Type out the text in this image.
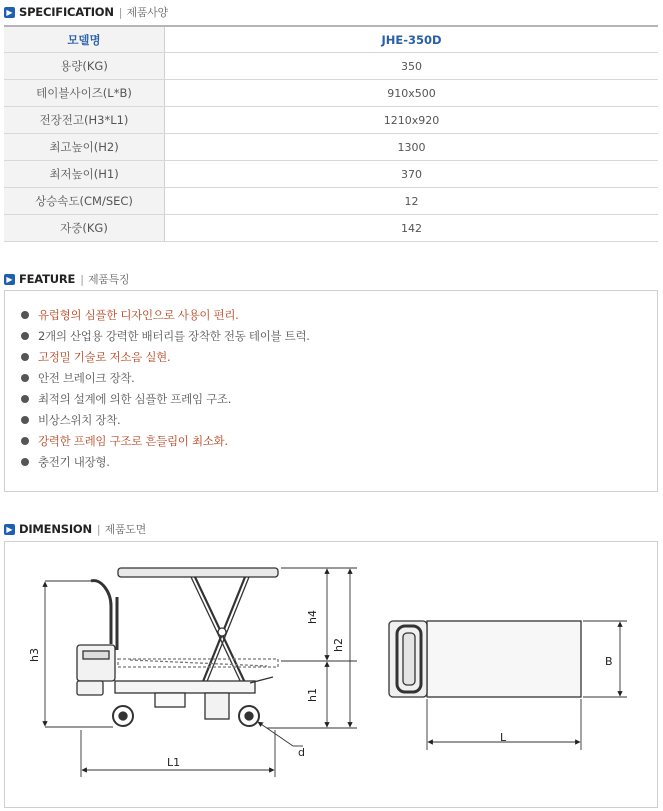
▶ SPECIFICATION | 제품사양
모델명	JHE-350D
용량(KG)	350
테이블사이즈(L*B)	910x500
전장전고(H3*L1)	1210x920
최고높이(H2)	1300
최저높이(H1)	370
상승속도(CM/SEC)	12
자중(KG)	142
▶ FEATURE | 제품특징
유럽형의 심플한 디자인으로 사용이 편리.
2개의 산업용 강력한 배터리를 장착한 전동 테이블 트럭.
고정밀 기술로 저소음 실현.
안전 브레이크 장착.
최적의 설계에 의한 심플한 프레임 구조.
비상스위치 장착.
강력한 프레임 구조로 흔들림이 최소화.
충전기 내장형.
▶ DIMENSION | 제품도면
h3
h4
h2
h1
L1
d
B
L
